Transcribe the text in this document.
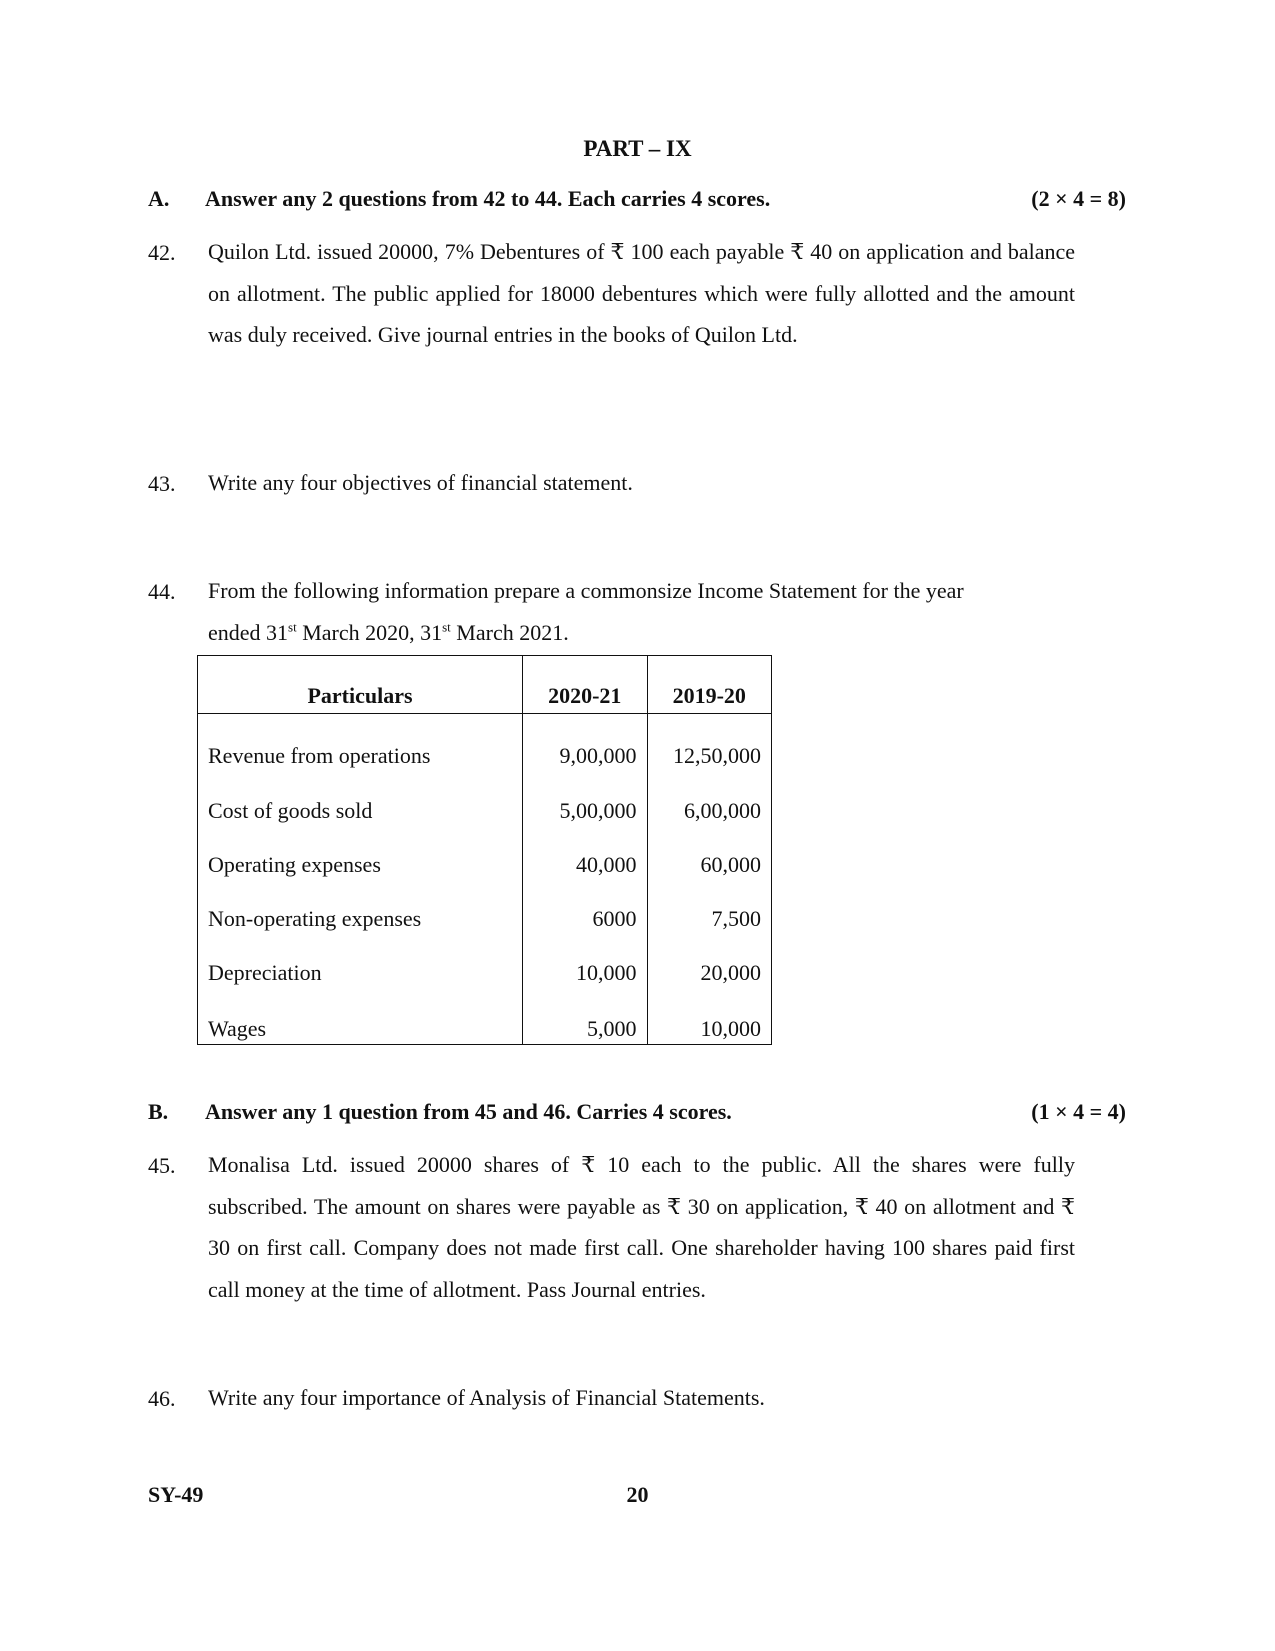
PART – IX
A. Answer any 2 questions from 42 to 44. Each carries 4 scores.	(2 × 4 = 8)
42. Quilon Ltd. issued 20000, 7% Debentures of ₹ 100 each payable ₹ 40 on application and balance on allotment. The public applied for 18000 debentures which were fully allotted and the amount was duly received. Give journal entries in the books of Quilon Ltd.
43. Write any four objectives of financial statement.
44. From the following information prepare a commonsize Income Statement for the year
ended 31st March 2020, 31st March 2021.
Particulars	2020-21	2019-20
Revenue from operations	9,00,000	12,50,000
Cost of goods sold	5,00,000	6,00,000
Operating expenses	40,000	60,000
Non-operating expenses	6000	7,500
Depreciation	10,000	20,000
Wages	5,000	10,000
B. Answer any 1 question from 45 and 46. Carries 4 scores.	(1 × 4 = 4)
45. Monalisa Ltd. issued 20000 shares of ₹ 10 each to the public. All the shares were fully subscribed. The amount on shares were payable as ₹ 30 on application, ₹ 40 on allotment and ₹ 30 on first call. Company does not made first call. One shareholder having 100 shares paid first call money at the time of allotment. Pass Journal entries.
46. Write any four importance of Analysis of Financial Statements.
SY-49	20
